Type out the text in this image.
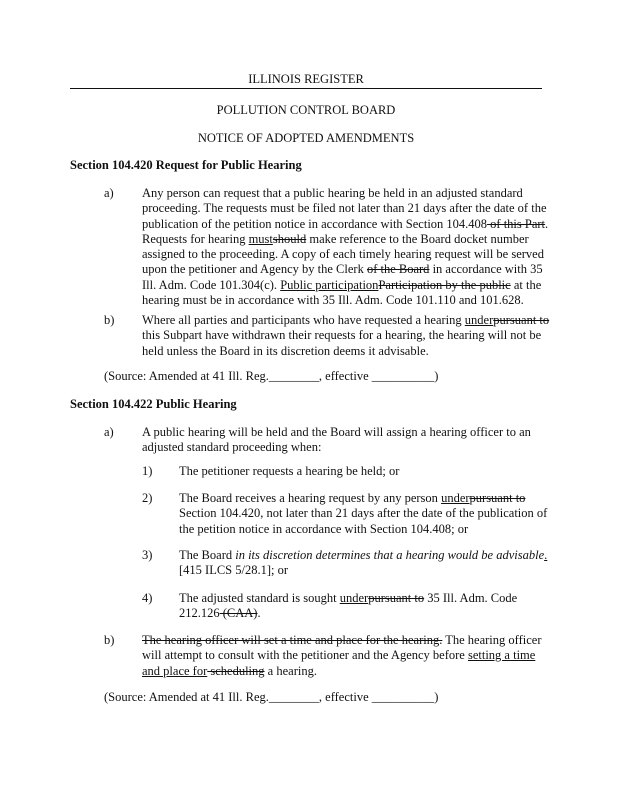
ILLINOIS REGISTER
POLLUTION CONTROL BOARD
NOTICE OF ADOPTED AMENDMENTS
Section 104.420 Request for Public Hearing
a) Any person can request that a public hearing be held in an adjusted standard
proceeding. The requests must be filed not later than 21 days after the date of the
publication of the petition notice in accordance with Section 104.408 of this Part.
Requests for hearing mustshould make reference to the Board docket number
assigned to the proceeding. A copy of each timely hearing request will be served
upon the petitioner and Agency by the Clerk of the Board in accordance with 35
Ill. Adm. Code 101.304(c). Public participationParticipation by the public at the
hearing must be in accordance with 35 Ill. Adm. Code 101.110 and 101.628.
b) Where all parties and participants who have requested a hearing underpursuant to
this Subpart have withdrawn their requests for a hearing, the hearing will not be
held unless the Board in its discretion deems it advisable.
(Source: Amended at 41 Ill. Reg.________, effective __________)
Section 104.422 Public Hearing
a) A public hearing will be held and the Board will assign a hearing officer to an
adjusted standard proceeding when:
1) The petitioner requests a hearing be held; or
2) The Board receives a hearing request by any person underpursuant to
Section 104.420, not later than 21 days after the date of the publication of
the petition notice in accordance with Section 104.408; or
3) The Board in its discretion determines that a hearing would be advisable.
[415 ILCS 5/28.1]; or
4) The adjusted standard is sought underpursuant to 35 Ill. Adm. Code
212.126 (CAA).
b) The hearing officer will set a time and place for the hearing. The hearing officer
will attempt to consult with the petitioner and the Agency before setting a time
and place for scheduling a hearing.
(Source: Amended at 41 Ill. Reg.________, effective __________)
